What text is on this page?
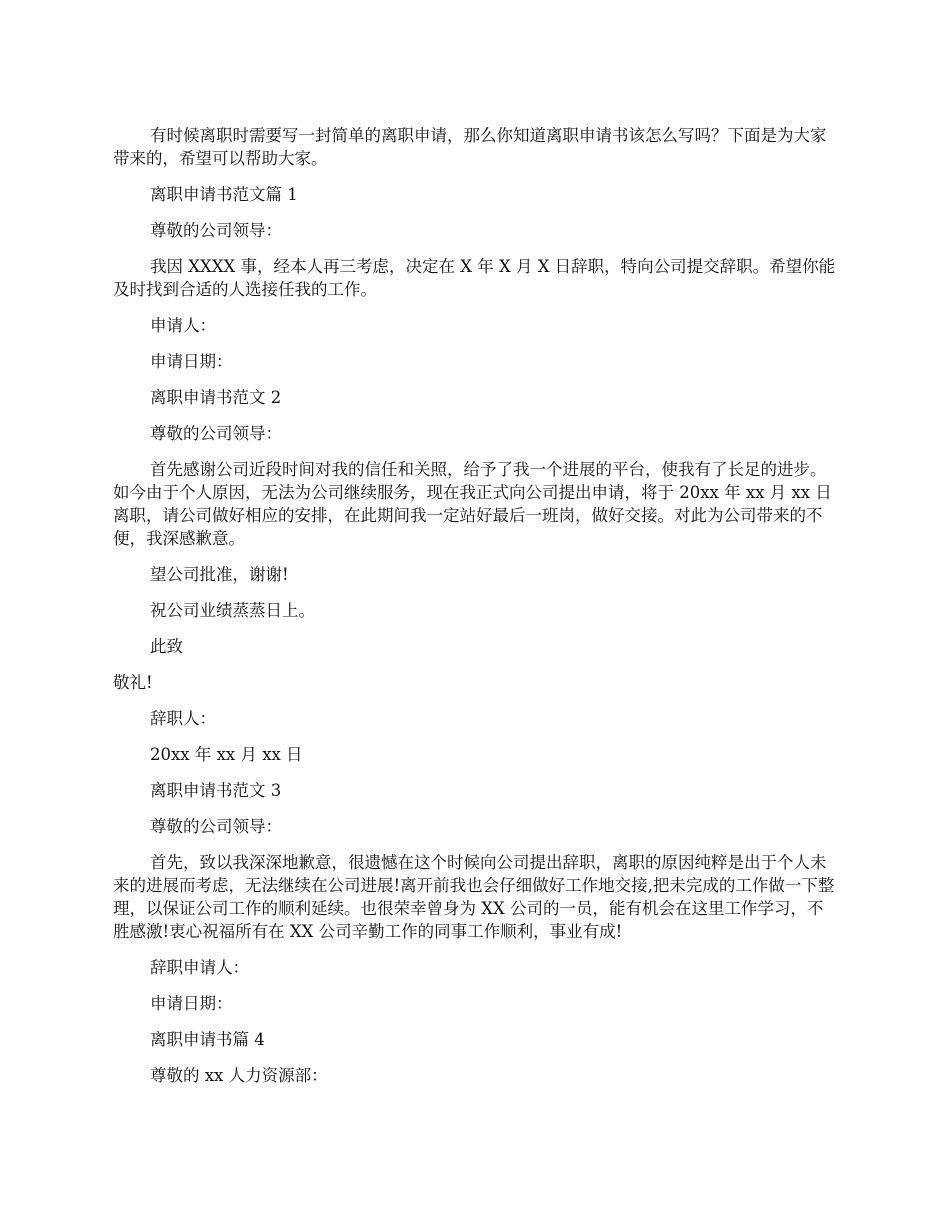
有时候离职时需要写一封简单的离职申请，那么你知道离职申请书该怎么写吗？下面是为大家带来的，希望可以帮助大家。

离职申请书范文篇 1

尊敬的公司领导：

我因 XXXX 事，经本人再三考虑，决定在 X 年 X 月 X 日辞职，特向公司提交辞职。希望你能及时找到合适的人选接任我的工作。

申请人：

申请日期：

离职申请书范文 2

尊敬的公司领导：

首先感谢公司近段时间对我的信任和关照，给予了我一个进展的平台，使我有了长足的进步。如今由于个人原因，无法为公司继续服务，现在我正式向公司提出申请，将于 20xx 年 xx 月 xx 日离职，请公司做好相应的安排，在此期间我一定站好最后一班岗，做好交接。对此为公司带来的不便，我深感歉意。

望公司批准，谢谢!

祝公司业绩蒸蒸日上。

此致

敬礼!

辞职人：

20xx 年 xx 月 xx 日

离职申请书范文 3

尊敬的公司领导：

首先，致以我深深地歉意，很遗憾在这个时候向公司提出辞职，离职的原因纯粹是出于个人未来的进展而考虑，无法继续在公司进展!离开前我也会仔细做好工作地交接,把未完成的工作做一下整理，以保证公司工作的顺利延续。也很荣幸曾身为 XX 公司的一员，能有机会在这里工作学习，不胜感激!衷心祝福所有在 XX 公司辛勤工作的同事工作顺利，事业有成!

辞职申请人：

申请日期：

离职申请书篇 4

尊敬的 xx 人力资源部：
